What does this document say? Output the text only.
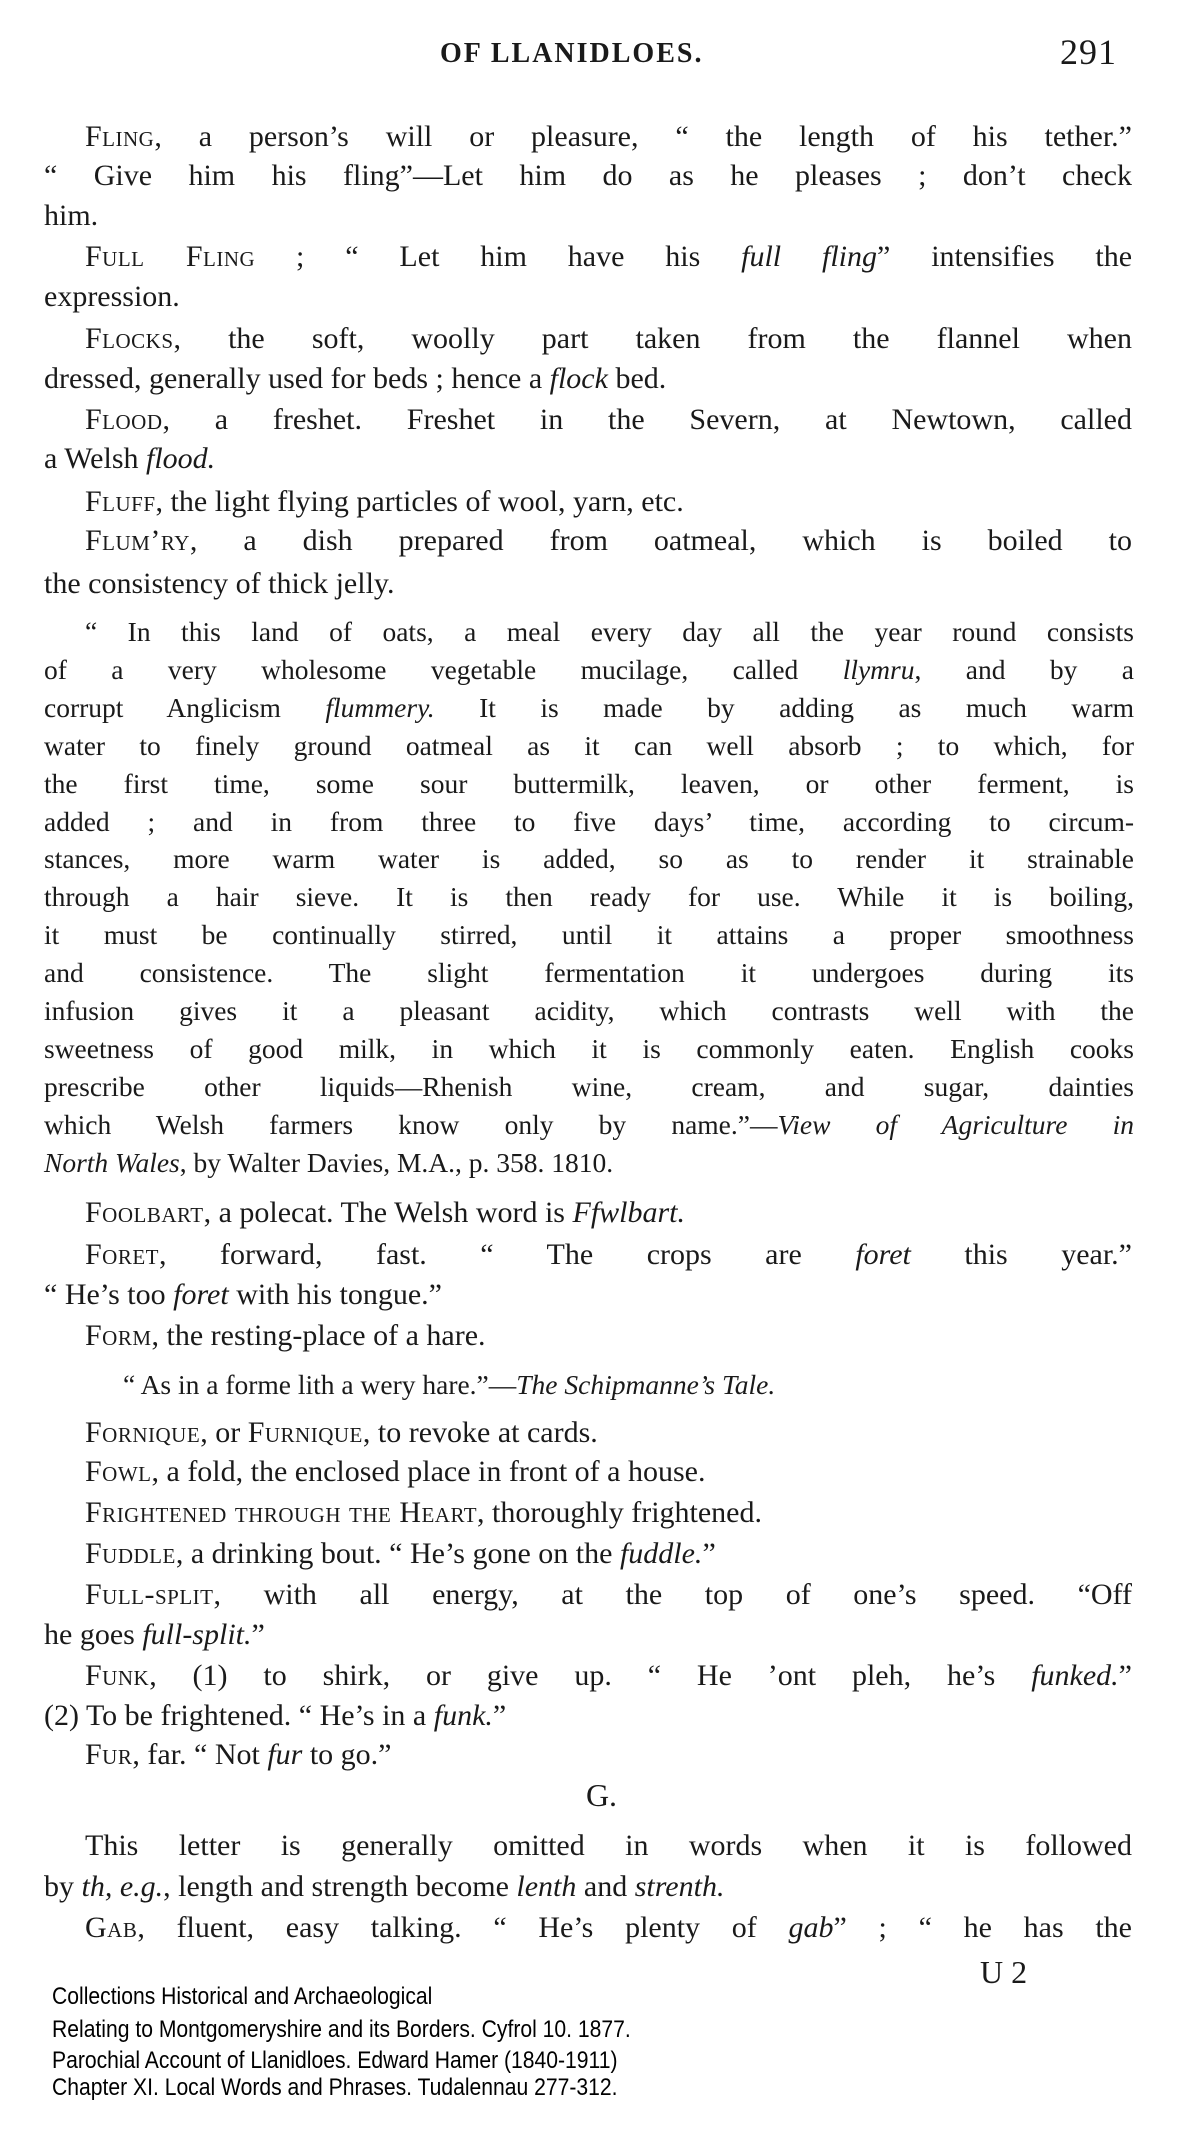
OF LLANIDLOES.	291
Fling, a person’s will or pleasure, “ the length of his tether.”
“ Give him his fling”—Let him do as he pleases ; don’t check
him.
Full Fling ; “ Let him have his full fling” intensifies the
expression.
Flocks, the soft, woolly part taken from the flannel when
dressed, generally used for beds ; hence a flock bed.
Flood, a freshet. Freshet in the Severn, at Newtown, called
a Welsh flood.
Fluff, the light flying particles of wool, yarn, etc.
Flum’ry, a dish prepared from oatmeal, which is boiled to
the consistency of thick jelly.
“ In this land of oats, a meal every day all the year round consists
of a very wholesome vegetable mucilage, called llymru, and by a
corrupt Anglicism flummery. It is made by adding as much warm
water to finely ground oatmeal as it can well absorb ; to which, for
the first time, some sour buttermilk, leaven, or other ferment, is
added ; and in from three to five days’ time, according to circum-
stances, more warm water is added, so as to render it strainable
through a hair sieve. It is then ready for use. While it is boiling,
it must be continually stirred, until it attains a proper smoothness
and consistence. The slight fermentation it undergoes during its
infusion gives it a pleasant acidity, which contrasts well with the
sweetness of good milk, in which it is commonly eaten. English cooks
prescribe other liquids—Rhenish wine, cream, and sugar, dainties
which Welsh farmers know only by name.”—View of Agriculture in
North Wales, by Walter Davies, M.A., p. 358. 1810.
Foolbart, a polecat. The Welsh word is Ffwlbart.
Foret, forward, fast. “ The crops are foret this year.”
“ He’s too foret with his tongue.”
Form, the resting-place of a hare.
“ As in a forme lith a wery hare.”—The Schipmanne’s Tale.
Fornique, or Furnique, to revoke at cards.
Fowl, a fold, the enclosed place in front of a house.
Frightened through the Heart, thoroughly frightened.
Fuddle, a drinking bout. “ He’s gone on the fuddle.”
Full-split, with all energy, at the top of one’s speed. “Off
he goes full-split.”
Funk, (1) to shirk, or give up. “ He ’ont pleh, he’s funked.”
(2) To be frightened. “ He’s in a funk.”
Fur, far. “ Not fur to go.”
This letter is generally omitted in words when it is followed
by th, e.g., length and strength become lenth and strenth.
Gab, fluent, easy talking. “ He’s plenty of gab” ; “ he has the
G.
U 2
Collections Historical and Archaeological
Relating to Montgomeryshire and its Borders. Cyfrol 10. 1877.
Parochial Account of Llanidloes. Edward Hamer (1840-1911)
Chapter XI. Local Words and Phrases. Tudalennau 277-312.
